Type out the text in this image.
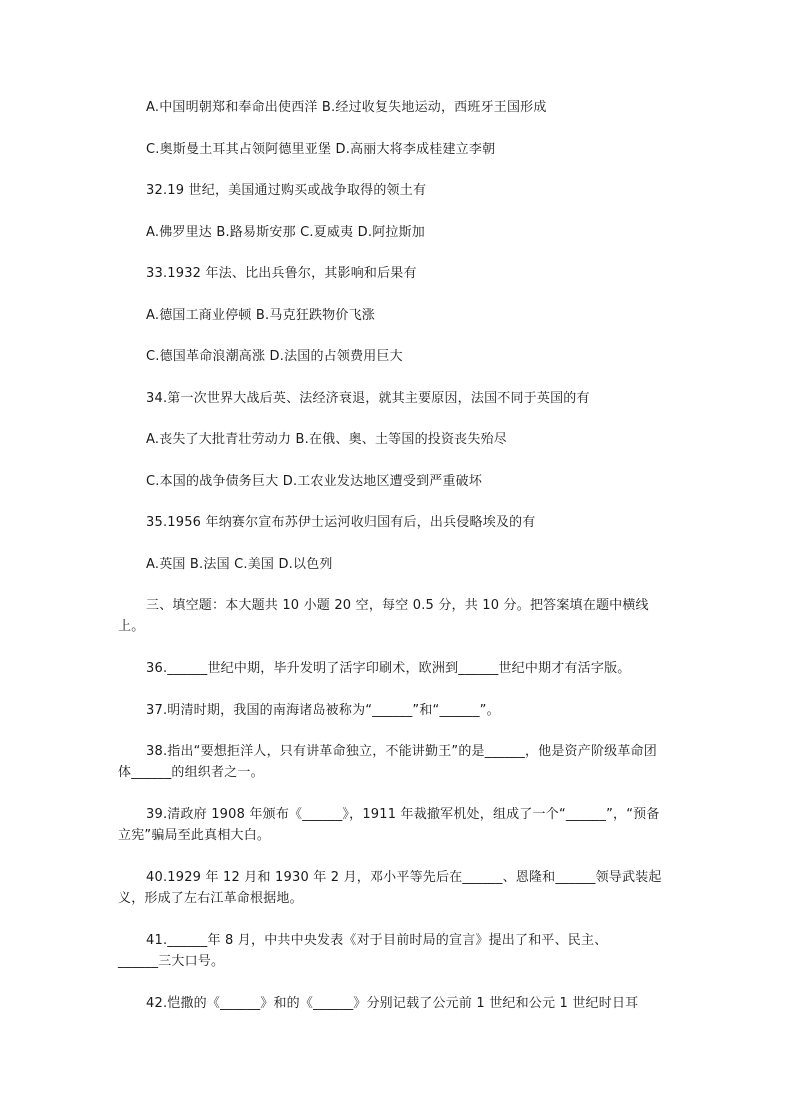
A.中国明朝郑和奉命出使西洋 B.经过收复失地运动，西班牙王国形成
C.奥斯曼土耳其占领阿德里亚堡 D.高丽大将李成桂建立李朝
32.19 世纪，美国通过购买或战争取得的领土有
A.佛罗里达 B.路易斯安那 C.夏威夷 D.阿拉斯加
33.1932 年法、比出兵鲁尔，其影响和后果有
A.德国工商业停顿 B.马克狂跌物价飞涨
C.德国革命浪潮高涨 D.法国的占领费用巨大
34.第一次世界大战后英、法经济衰退，就其主要原因，法国不同于英国的有
A.丧失了大批青壮劳动力 B.在俄、奥、土等国的投资丧失殆尽
C.本国的战争债务巨大 D.工农业发达地区遭受到严重破坏
35.1956 年纳赛尔宣布苏伊士运河收归国有后，出兵侵略埃及的有
A.英国 B.法国 C.美国 D.以色列
三、填空题：本大题共 10 小题 20 空，每空 0.5 分，共 10 分。把答案填在题中横线上。
36.______世纪中期，毕升发明了活字印刷术，欧洲到______世纪中期才有活字版。
37.明清时期，我国的南海诸岛被称为“______”和“______”。
38.指出“要想拒洋人，只有讲革命独立，不能讲勤王”的是______，他是资产阶级革命团体______的组织者之一。
39.清政府 1908 年颁布《______》，1911 年裁撤军机处，组成了一个“______”，“预备立宪”骗局至此真相大白。
40.1929 年 12 月和 1930 年 2 月，邓小平等先后在______、恩隆和______领导武装起义，形成了左右江革命根据地。
41.______年 8 月，中共中央发表《对于目前时局的宣言》提出了和平、民主、______三大口号。
42.恺撒的《______》和的《______》分别记载了公元前 1 世纪和公元 1 世纪时日耳
